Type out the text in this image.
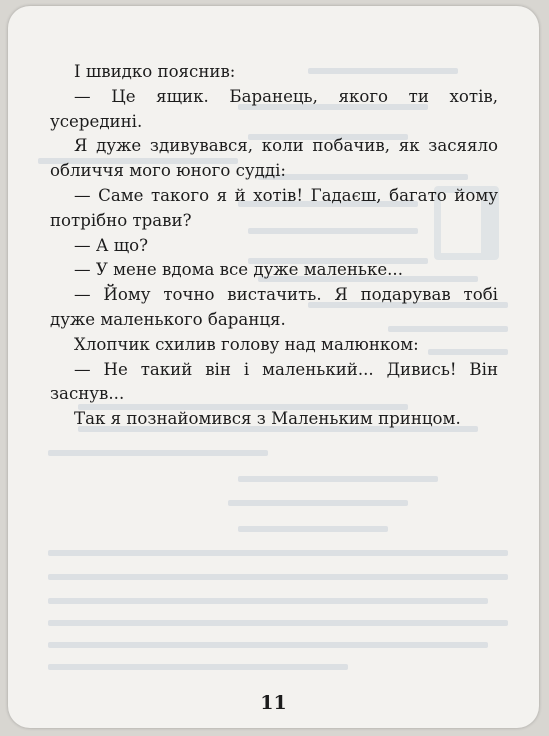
І швидко пояснив:

— Це ящик. Баранець, якого ти хотів, усередині.

Я дуже здивувався, коли побачив, як засяяло обличчя мого юного судді:

— Саме такого я й хотів! Гадаєш, багато йому потрібно трави?

— А що?

— У мене вдома все дуже маленьке...

— Йому точно вистачить. Я подарував тобі дуже маленького баранця.

Хлопчик схилив голову над малюнком:

— Не такий він і маленький... Дивись! Він заснув...

Так я познайомився з Маленьким принцом.

11
